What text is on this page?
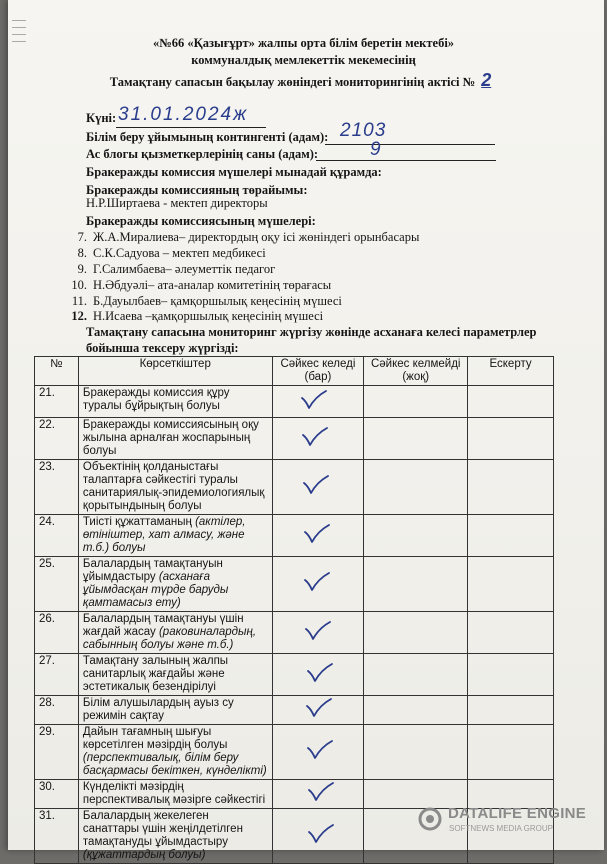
«№66 «Қазығұрт» жалпы орта білім беретін мектебі»
коммуналдық мемлекеттік мекемесінің
Тамақтану сапасын бақылау жөніндегі мониторингінің актісі № 2
Күні: 31.01.2024ж
Білім беру ұйымының контингенті (адам): 2103
Ас блогы қызметкерлерінің саны (адам):	9
Бракеражды комиссия мүшелері мынадай құрамда:
Бракеражды комиссияның төрайымы:
Н.Р.Ширтаева - мектеп директоры
Бракеражды комиссиясының мүшелері:
7. Ж.А.Миралиева– директордың оқу ісі жөніндегі орынбасары
8. С.К.Садуова – мектеп медбикесі
9. Г.Салимбаева– әлеуметтік педагог
10. Н.Әбдуәлі– ата-аналар комитетінің төрағасы
11. Б.Дауылбаев– қамқоршылық кеңесінің мүшесі
12. Н.Исаева –қамқоршылық кеңесінің мүшесі
Тамақтану сапасына мониторинг жүргізу жөнінде асханаға келесі параметрлер
бойынша тексеру жүргізді:
№	Көрсеткіштер	Сәйкес келеді (бар)	Сәйкес келмейді (жоқ)	Ескерту
21.	Бракеражды комиссия құру туралы бұйрықтың болуы			
22.	Бракеражды комиссиясының оқу жылына арналған жоспарының болуы			
23.	Объектінің қолданыстағы талаптарға сәйкестігі туралы санитариялық-эпидемиологиялық қорытындының болуы			
24.	Тиісті құжаттаманың (актілер, өтініштер, хат алмасу, және т.б.) болуы			
25.	Балалардың тамақтануын ұйымдастыру (асханаға ұйымдасқан түрде баруды қамтамасыз ету)			
26.	Балалардың тамақтануы үшін жағдай жасау (раковиналардың, сабынның болуы және т.б.)			
27.	Тамақтану залының жалпы санитарлық жағдайы және эстетикалық безендірілуі			
28.	Білім алушылардың ауыз су режимін сақтау			
29.	Дайын тағамның шығуы көрсетілген мәзірдің болуы (перспективалық, білім беру басқармасы бекіткен, күнделікті)			
30.	Күнделікті мәзірдің перспективалық мәзірге сәйкестігі			
31.	Балалардың жекелеген санаттары үшін жеңілдетілген тамақтануды ұйымдастыру (құжаттардың болуы)			
DATALIFE ENGINE
SOFTNEWS MEDIA GROUP
